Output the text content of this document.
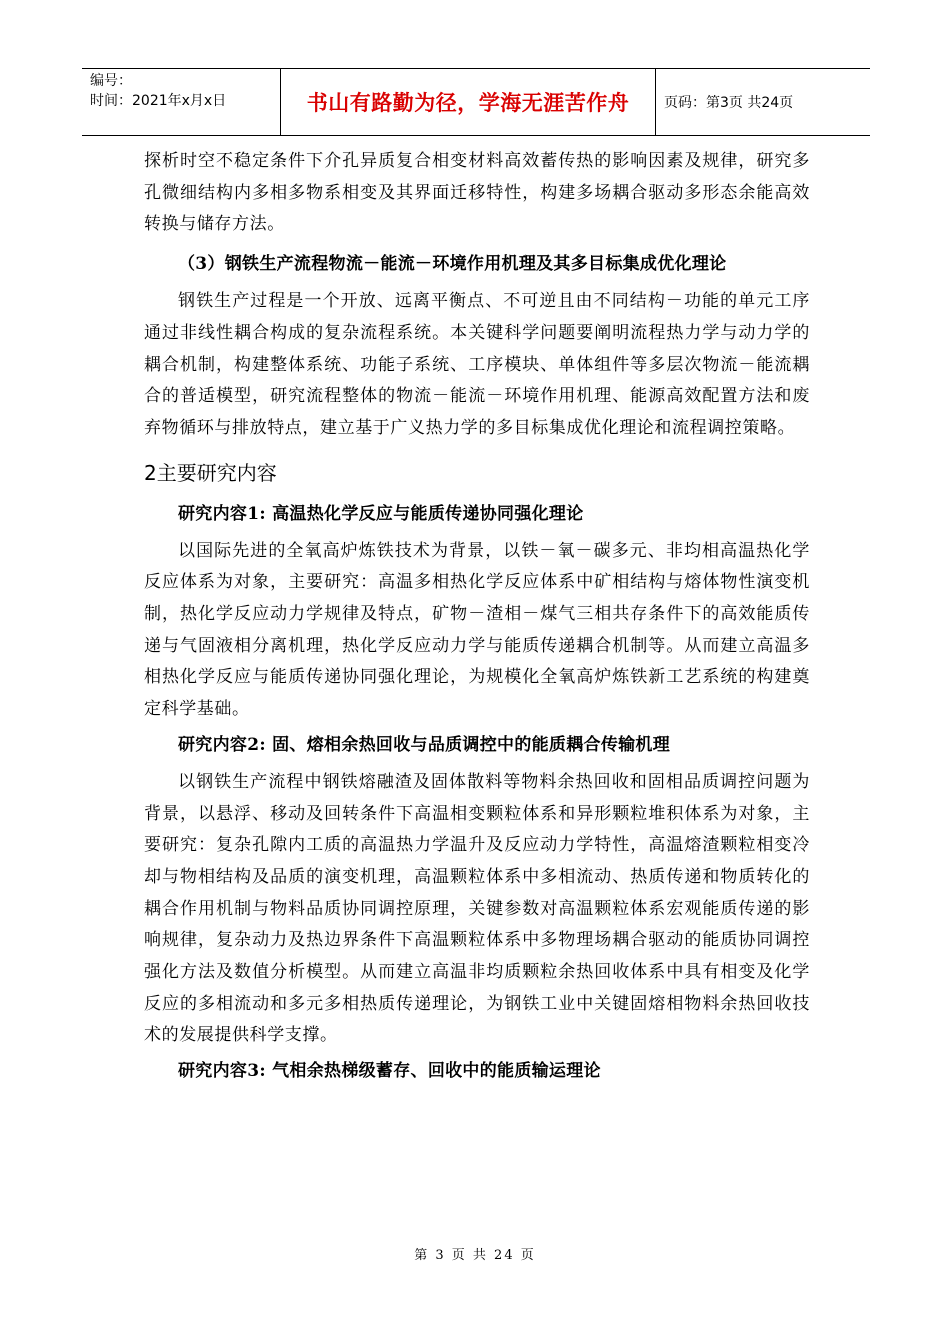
编号：
时间：2021年x月x日	书山有路勤为径，学海无涯苦作舟 页码：第3页 共24页

探析时空不稳定条件下介孔异质复合相变材料高效蓄传热的影响因素及规律，研究多孔微细结构内多相多物系相变及其界面迁移特性，构建多场耦合驱动多形态余能高效转换与储存方法。

（3）钢铁生产流程物流－能流－环境作用机理及其多目标集成优化理论

钢铁生产过程是一个开放、远离平衡点、不可逆且由不同结构－功能的单元工序通过非线性耦合构成的复杂流程系统。本关键科学问题要阐明流程热力学与动力学的耦合机制，构建整体系统、功能子系统、工序模块、单体组件等多层次物流－能流耦合的普适模型，研究流程整体的物流－能流－环境作用机理、能源高效配置方法和废弃物循环与排放特点，建立基于广义热力学的多目标集成优化理论和流程调控策略。

2主要研究内容
研究内容1: 高温热化学反应与能质传递协同强化理论

以国际先进的全氧高炉炼铁技术为背景，以铁－氧－碳多元、非均相高温热化学反应体系为对象，主要研究：高温多相热化学反应体系中矿相结构与熔体物性演变机制，热化学反应动力学规律及特点，矿物－渣相－煤气三相共存条件下的高效能质传递与气固液相分离机理，热化学反应动力学与能质传递耦合机制等。从而建立高温多相热化学反应与能质传递协同强化理论，为规模化全氧高炉炼铁新工艺系统的构建奠定科学基础。

研究内容2: 固、熔相余热回收与品质调控中的能质耦合传输机理

以钢铁生产流程中钢铁熔融渣及固体散料等物料余热回收和固相品质调控问题为背景，以悬浮、移动及回转条件下高温相变颗粒体系和异形颗粒堆积体系为对象，主要研究：复杂孔隙内工质的高温热力学温升及反应动力学特性，高温熔渣颗粒相变冷却与物相结构及品质的演变机理，高温颗粒体系中多相流动、热质传递和物质转化的耦合作用机制与物料品质协同调控原理，关键参数对高温颗粒体系宏观能质传递的影响规律，复杂动力及热边界条件下高温颗粒体系中多物理场耦合驱动的能质协同调控强化方法及数值分析模型。从而建立高温非均质颗粒余热回收体系中具有相变及化学反应的多相流动和多元多相热质传递理论，为钢铁工业中关键固熔相物料余热回收技术的发展提供科学支撑。

研究内容3: 气相余热梯级蓄存、回收中的能质输运理论
第 3 页 共 24 页
